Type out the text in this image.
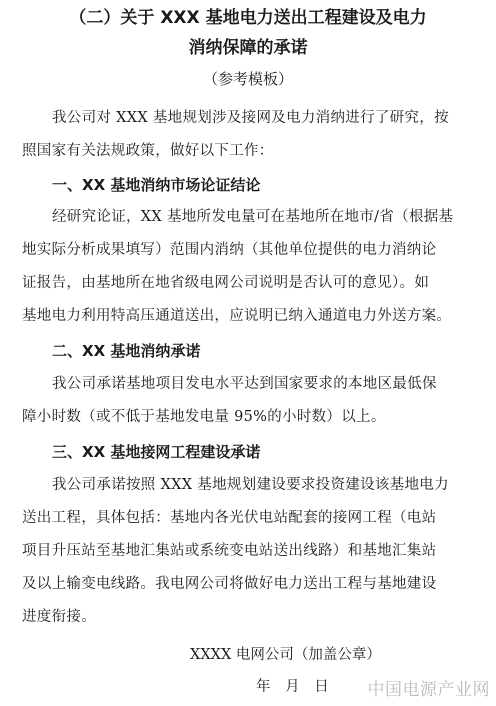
（二）关于 XXX 基地电力送出工程建设及电力
消纳保障的承诺
（参考模板）
我公司对 XXX 基地规划涉及接网及电力消纳进行了研究，按
照国家有关法规政策，做好以下工作：
一、XX 基地消纳市场论证结论
经研究论证，XX 基地所发电量可在基地所在地市/省（根据基
地实际分析成果填写）范围内消纳（其他单位提供的电力消纳论
证报告，由基地所在地省级电网公司说明是否认可的意见）。如
基地电力利用特高压通道送出，应说明已纳入通道电力外送方案。
二、XX 基地消纳承诺
我公司承诺基地项目发电水平达到国家要求的本地区最低保
障小时数（或不低于基地发电量 95%的小时数）以上。
三、XX 基地接网工程建设承诺
我公司承诺按照 XXX 基地规划建设要求投资建设该基地电力
送出工程，具体包括：基地内各光伏电站配套的接网工程（电站
项目升压站至基地汇集站或系统变电站送出线路）和基地汇集站
及以上输变电线路。我电网公司将做好电力送出工程与基地建设
进度衔接。
XXXX 电网公司（加盖公章）
年 月 日 中国电源产业网
